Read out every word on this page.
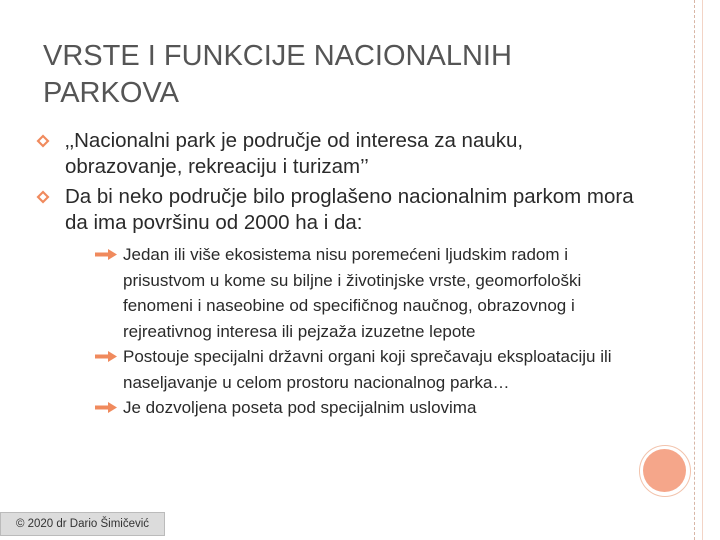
VRSTE I FUNKCIJE NACIONALNIH
PARKOVA
‚‚Nacionalni park je područje od interesa za nauku, obrazovanje, rekreaciju i turizam’’
Da bi neko područje bilo proglašeno nacionalnim parkom mora da ima površinu od 2000 ha i da:
Jedan ili više ekosistema nisu poremećeni ljudskim radom i prisustvom u kome su biljne i životinjske vrste, geomorfološki fenomeni i naseobine od specifičnog naučnog, obrazovnog i rejreativnog interesa ili pejzaža izuzetne lepote
Postouje specijalni državni organi koji sprečavaju eksploataciju ili naseljavanje u celom prostoru nacionalnog parka…
Je dozvoljena poseta pod specijalnim uslovima
© 2020 dr Dario Šimičević
